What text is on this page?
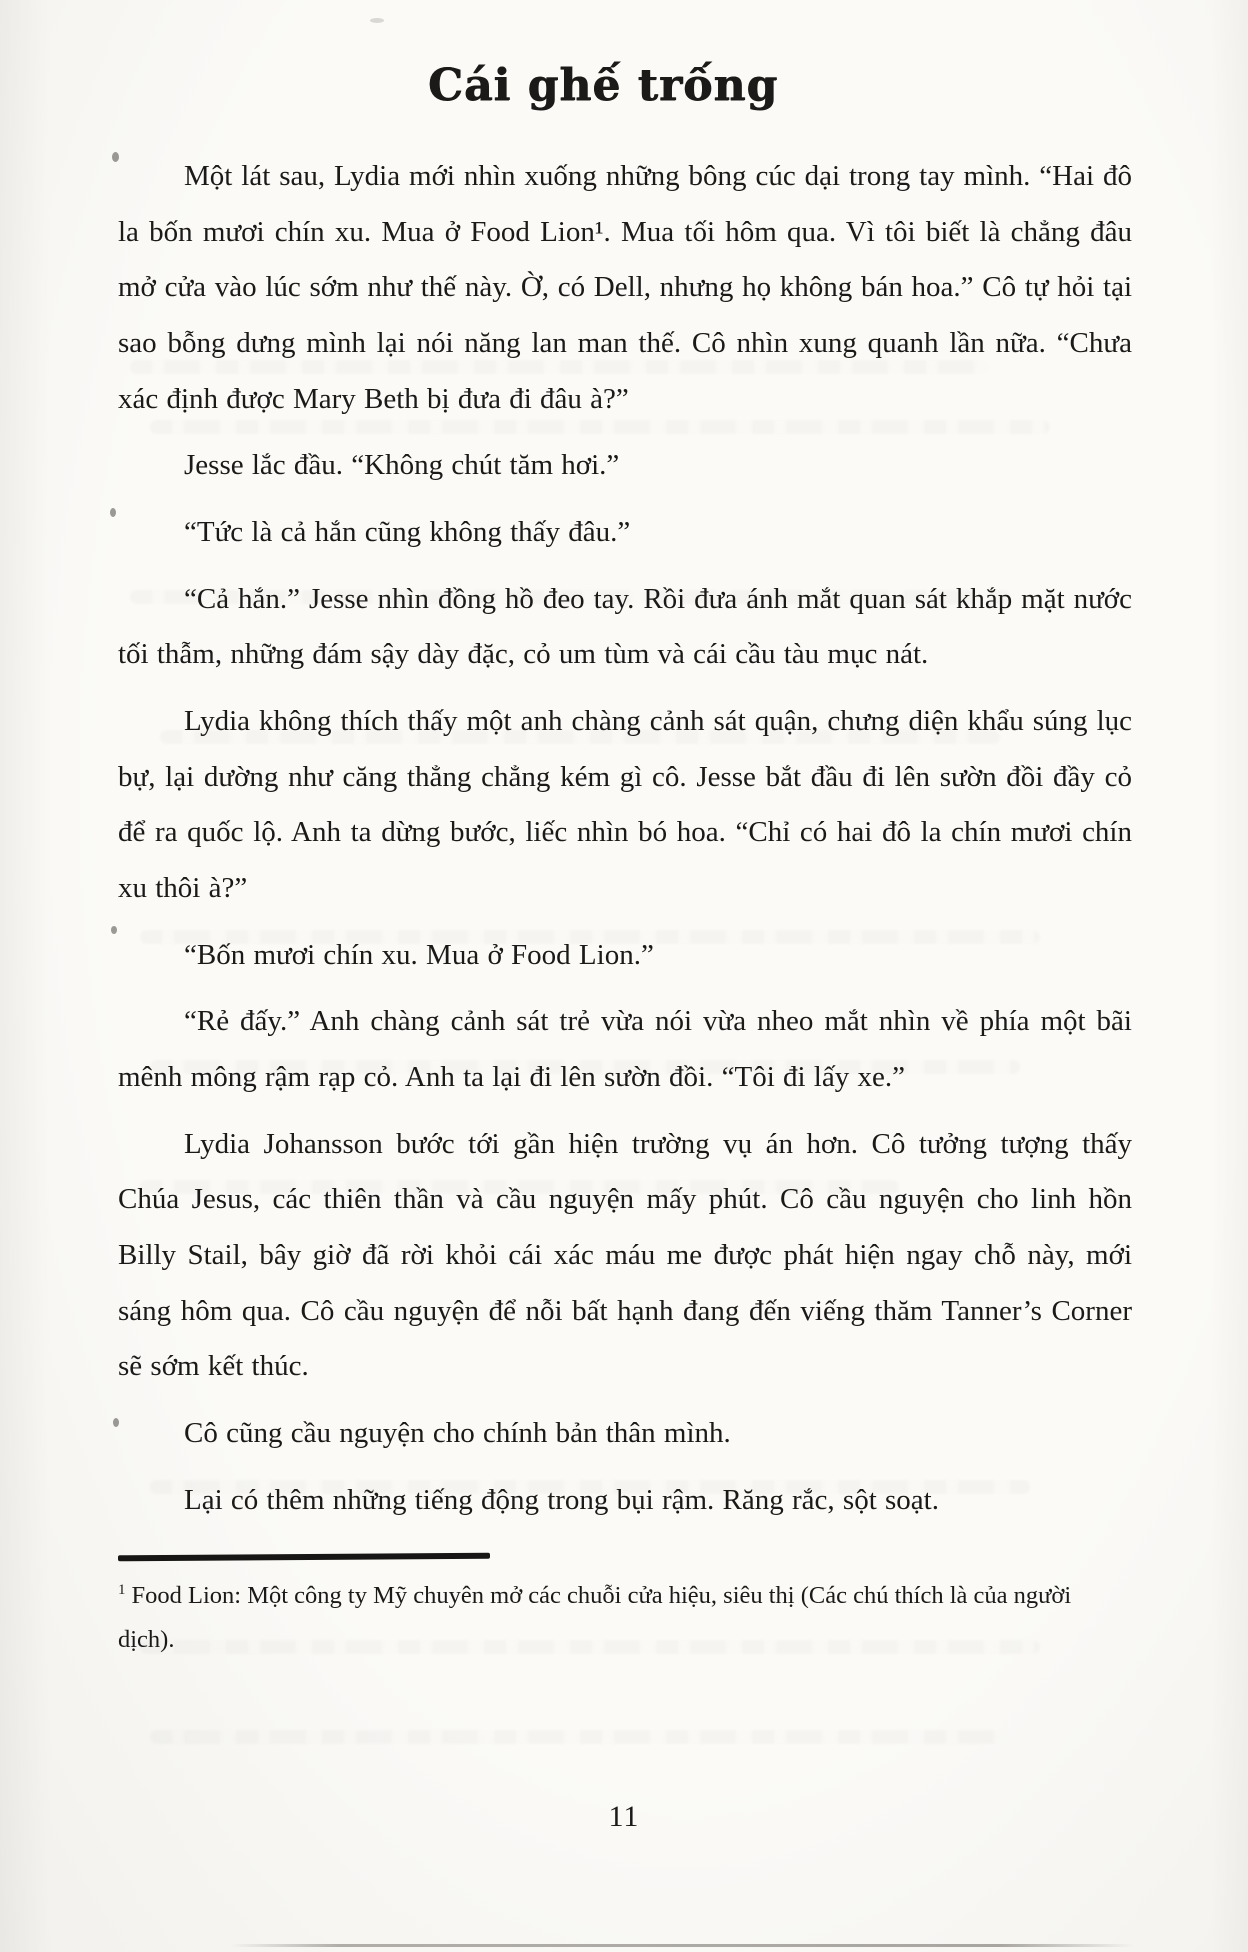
Cái ghế trống

Một lát sau, Lydia mới nhìn xuống những bông cúc dại trong tay mình. “Hai đô la bốn mươi chín xu. Mua ở Food Lion¹. Mua tối hôm qua. Vì tôi biết là chẳng đâu mở cửa vào lúc sớm như thế này. Ờ, có Dell, nhưng họ không bán hoa.” Cô tự hỏi tại sao bỗng dưng mình lại nói năng lan man thế. Cô nhìn xung quanh lần nữa. “Chưa xác định được Mary Beth bị đưa đi đâu à?”

Jesse lắc đầu. “Không chút tăm hơi.”

“Tức là cả hắn cũng không thấy đâu.”

“Cả hắn.” Jesse nhìn đồng hồ đeo tay. Rồi đưa ánh mắt quan sát khắp mặt nước tối thẫm, những đám sậy dày đặc, cỏ um tùm và cái cầu tàu mục nát.

Lydia không thích thấy một anh chàng cảnh sát quận, chưng diện khẩu súng lục bự, lại dường như căng thẳng chẳng kém gì cô. Jesse bắt đầu đi lên sườn đồi đầy cỏ để ra quốc lộ. Anh ta dừng bước, liếc nhìn bó hoa. “Chỉ có hai đô la chín mươi chín xu thôi à?”

“Bốn mươi chín xu. Mua ở Food Lion.”

“Rẻ đấy.” Anh chàng cảnh sát trẻ vừa nói vừa nheo mắt nhìn về phía một bãi mênh mông rậm rạp cỏ. Anh ta lại đi lên sườn đồi. “Tôi đi lấy xe.”

Lydia Johansson bước tới gần hiện trường vụ án hơn. Cô tưởng tượng thấy Chúa Jesus, các thiên thần và cầu nguyện mấy phút. Cô cầu nguyện cho linh hồn Billy Stail, bây giờ đã rời khỏi cái xác máu me được phát hiện ngay chỗ này, mới sáng hôm qua. Cô cầu nguyện để nỗi bất hạnh đang đến viếng thăm Tanner’s Corner sẽ sớm kết thúc.

Cô cũng cầu nguyện cho chính bản thân mình.

Lại có thêm những tiếng động trong bụi rậm. Răng rắc, sột soạt.

$^1$ Food Lion: Một công ty Mỹ chuyên mở các chuỗi cửa hiệu, siêu thị (Các chú thích là của người dịch).

11
